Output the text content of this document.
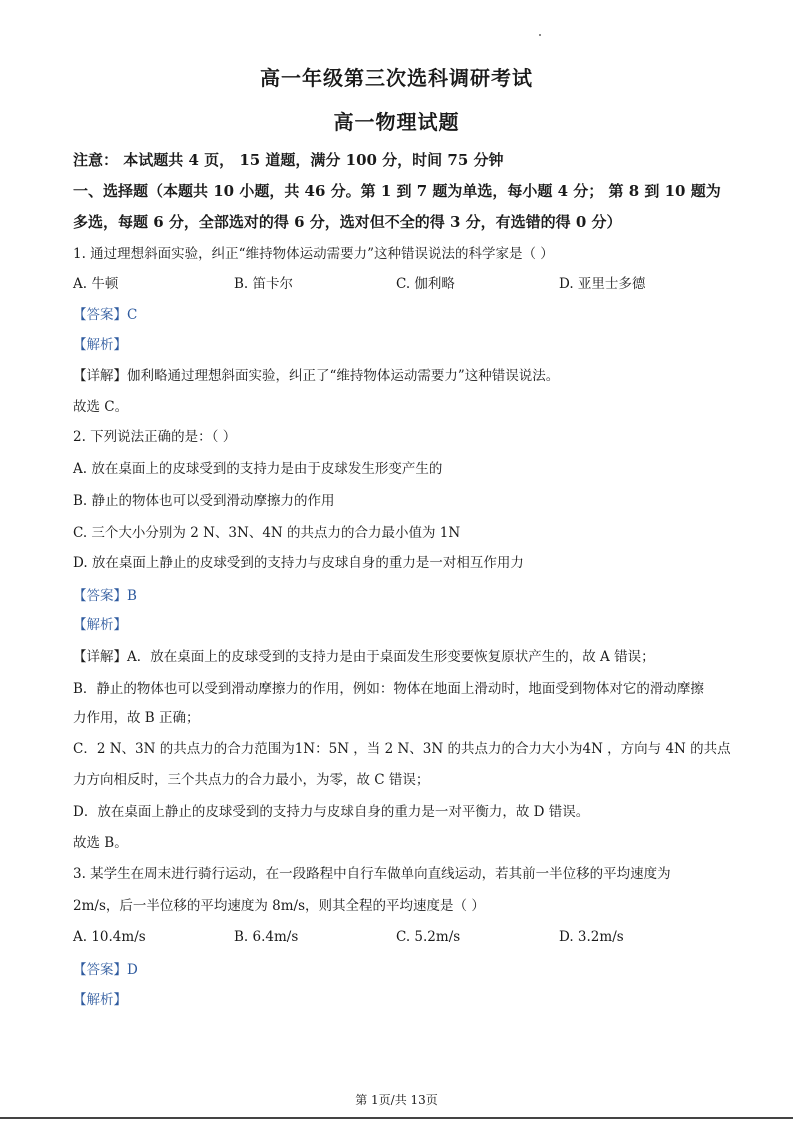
高一年级第三次选科调研考试
高一物理试题
注意： 本试题共 4 页， 15 道题，满分 100 分，时间 75 分钟
一、选择题（本题共 10 小题，共 46 分。第 1 到 7 题为单选，每小题 4 分； 第 8 到 10 题为
多选，每题 6 分，全部选对的得 6 分，选对但不全的得 3 分，有选错的得 0 分）
1. 通过理想斜面实验，纠正“维持物体运动需要力”这种错误说法的科学家是（ ）
A. 牛顿	B. 笛卡尔	C. 伽利略	D. 亚里士多德
【答案】C
【解析】
【详解】伽利略通过理想斜面实验，纠正了“维持物体运动需要力”这种错误说法。
故选 C。
2. 下列说法正确的是：（ ）
A. 放在桌面上的皮球受到的支持力是由于皮球发生形变产生的
B. 静止的物体也可以受到滑动摩擦力的作用
C. 三个大小分别为 2 N、3N、4N 的共点力的合力最小值为 1N
D. 放在桌面上静止的皮球受到的支持力与皮球自身的重力是一对相互作用力
【答案】B
【解析】
【详解】A．放在桌面上的皮球受到的支持力是由于桌面发生形变要恢复原状产生的，故 A 错误；
B．静止的物体也可以受到滑动摩擦力的作用，例如：物体在地面上滑动时，地面受到物体对它的滑动摩擦
力作用，故 B 正确；
C．2 N、3N 的共点力的合力范围为1N：5N ，当 2 N、3N 的共点力的合力大小为4N ，方向与 4N 的共点
力方向相反时，三个共点力的合力最小，为零，故 C 错误；
D．放在桌面上静止的皮球受到的支持力与皮球自身的重力是一对平衡力，故 D 错误。
故选 B。
3. 某学生在周末进行骑行运动，在一段路程中自行车做单向直线运动，若其前一半位移的平均速度为
2m/s，后一半位移的平均速度为 8m/s，则其全程的平均速度是（ ）
A. 10.4m/s	B. 6.4m/s	C. 5.2m/s	D. 3.2m/s
【答案】D
【解析】
第 1页/共 13页
